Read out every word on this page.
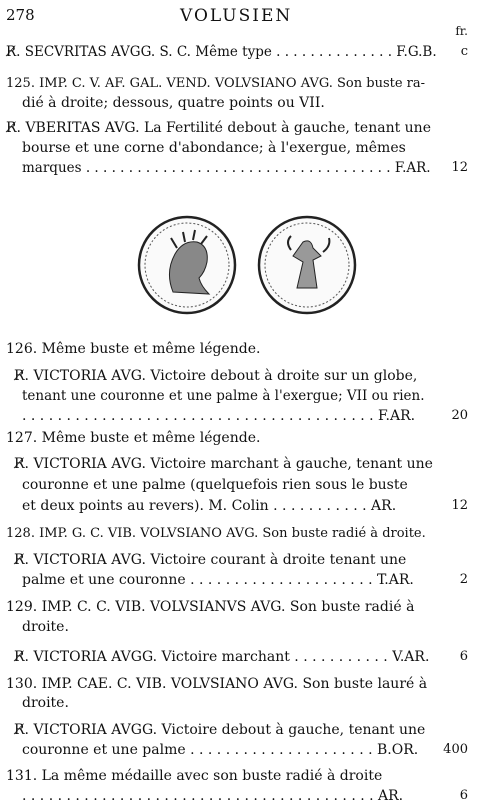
278	VOLUSIEN
fr.
R̸. SECVRITAS AVGG. S. C. Même type . . . . . . . . . . . . . . F.G.B. c
125. IMP. C. V. AF. GAL. VEND. VOLVSIANO AVG. Son buste ra-
dié à droite; dessous, quatre points ou VII.
R̸. VBERITAS AVG. La Fertilité debout à gauche, tenant une
bourse et une corne d'abondance; à l'exergue, mêmes
marques . . . . . . . . . . . . . . . . . . . . . . . . . . . . . . . . . . . . F.AR. 12
126. Même buste et même légende.
R̸. VICTORIA AVG. Victoire debout à droite sur un globe,
tenant une couronne et une palme à l'exergue; VII ou rien.
. . . . . . . . . . . . . . . . . . . . . . . . . . . . . . . . . . . . . . . . F.AR.	20
127. Même buste et même légende.
R̸. VICTORIA AVG. Victoire marchant à gauche, tenant une
couronne et une palme (quelquefois rien sous le buste
et deux points au revers). M. Colin . . . . . . . . . . . AR.	12
128. IMP. G. C. VIB. VOLVSIANO AVG. Son buste radié à droite.
R̸. VICTORIA AVG. Victoire courant à droite tenant une
palme et une couronne . . . . . . . . . . . . . . . . . . . . . T.AR.	2
129. IMP. C. C. VIB. VOLVSIANVS AVG. Son buste radié à
droite.
R̸. VICTORIA AVGG. Victoire marchant . . . . . . . . . . . V.AR. 6
130. IMP. CAE. C. VIB. VOLVSIANO AVG. Son buste lauré à
droite.
R̸. VICTORIA AVGG. Victoire debout à gauche, tenant une
couronne et une palme . . . . . . . . . . . . . . . . . . . . . B.OR. 400
131. La même médaille avec son buste radié à droite
. . . . . . . . . . . . . . . . . . . . . . . . . . . . . . . . . . . . . . . . AR.	6
